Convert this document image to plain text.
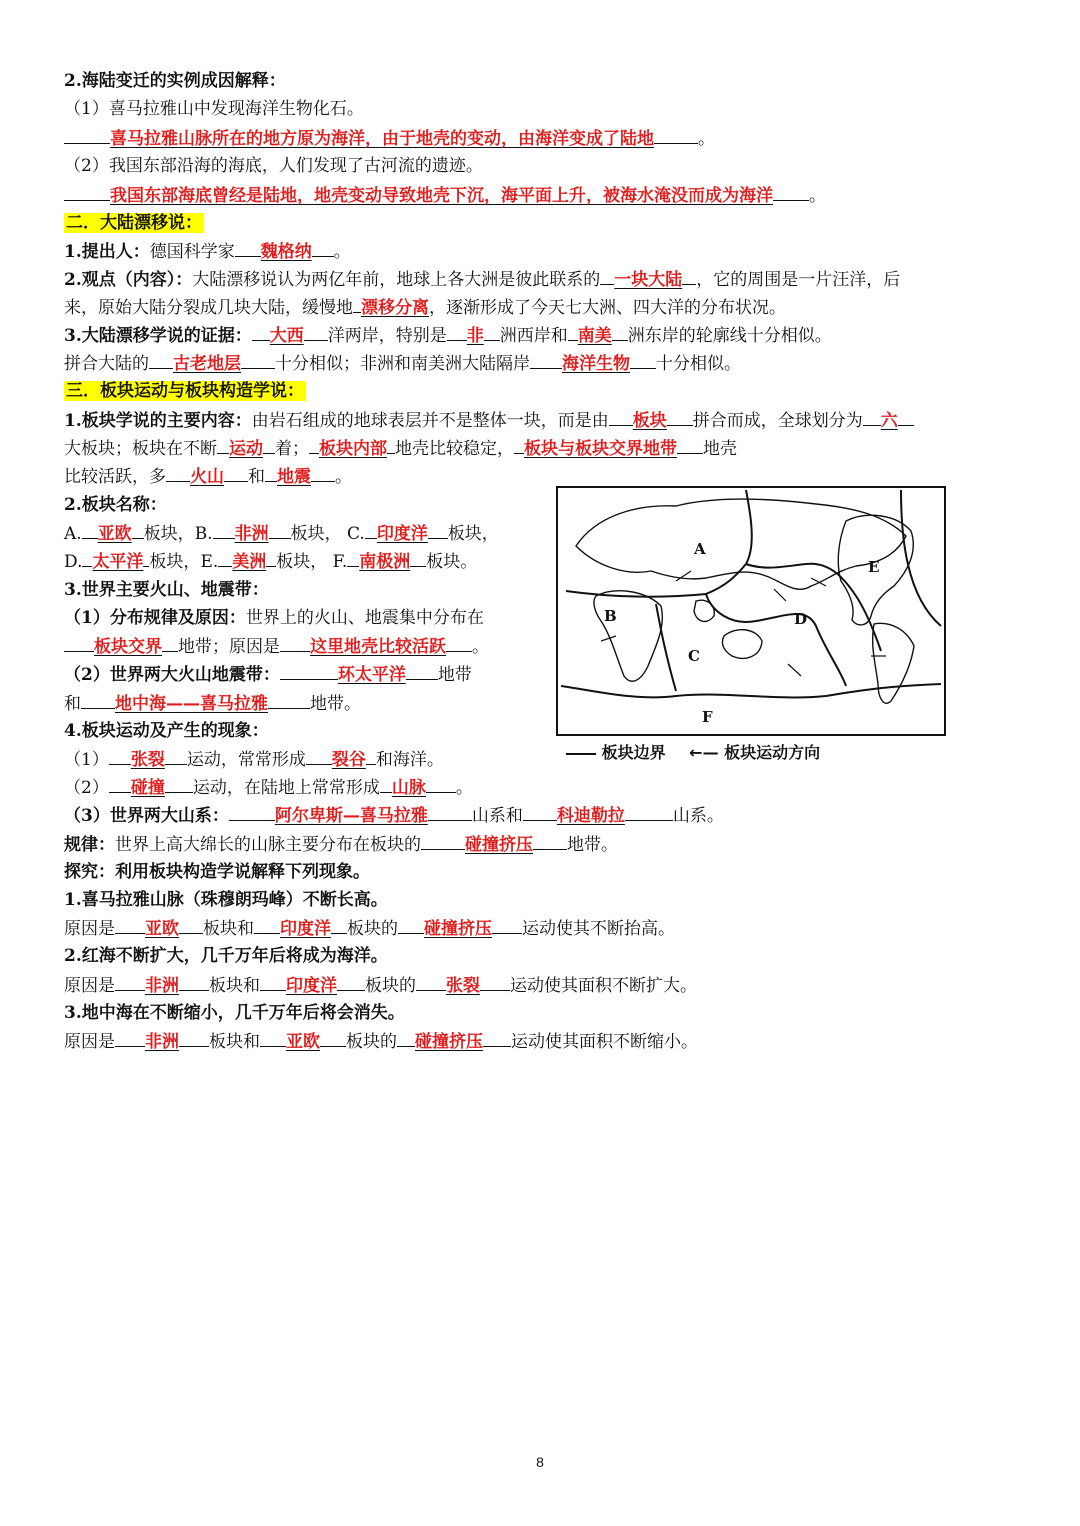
2.海陆变迁的实例成因解释：
（1）喜马拉雅山中发现海洋生物化石。
喜马拉雅山脉所在的地方原为海洋，由于地壳的变动，由海洋变成了陆地	。
（2）我国东部沿海的海底，人们发现了古河流的遗迹。
我国东部海底曾经是陆地，地壳变动导致地壳下沉，海平面上升，被海水淹没而成为海洋 。
二．大陆漂移说：
1.提出人：德国科学家 魏格纳 。
2.观点（内容）：大陆漂移说认为两亿年前，地球上各大洲是彼此联系的 一块大陆 ，它的周围是一片汪洋，后
来，原始大陆分裂成几块大陆，缓慢地 漂移分离，逐渐形成了今天七大洲、四大洋的分布状况。
3.大陆漂移学说的证据： 大西 洋两岸，特别是 非 洲西岸和 南美 洲东岸的轮廓线十分相似。
拼合大陆的 古老地层 十分相似；非洲和南美洲大陆隔岸 海洋生物 十分相似。
三．板块运动与板块构造学说：
1.板块学说的主要内容：由岩石组成的地球表层并不是整体一块，而是由 板块 拼合而成，全球划分为 六
大板块；板块在不断 运动 着； 板块内部 地壳比较稳定， 板块与板块交界地带 地壳
比较活跃，多 火山 和 地震 。
2.板块名称：
A. 亚欧 板块，B. 非洲 板块， C. 印度洋 板块，
D. 太平洋 板块，E. 美洲 板块， F. 南极洲 板块。
3.世界主要火山、地震带：
（1）分布规律及原因：世界上的火山、地震集中分布在
板块交界 地带；原因是 这里地壳比较活跃 。
（2）世界两大火山地震带：	环太平洋 地带
和 地中海——喜马拉雅 地带。
4.板块运动及产生的现象：
（1） 张裂 运动，常常形成 裂谷 和海洋。
（2） 碰撞 运动，在陆地上常常形成 山脉 。
（3）世界两大山系：	阿尔卑斯—喜马拉雅	山系和 科迪勒拉	山系。
规律：世界上高大绵长的山脉主要分布在板块的	碰撞挤压 地带。
探究：利用板块构造学说解释下列现象。
1.喜马拉雅山脉（珠穆朗玛峰）不断长高。
原因是 亚欧 板块和 印度洋 板块的 碰撞挤压 运动使其不断抬高。
2.红海不断扩大，几千万年后将成为海洋。
原因是 非洲 板块和 印度洋 板块的 张裂 运动使其面积不断扩大。
3.地中海在不断缩小，几千万年后将会消失。
原因是 非洲 板块和 亚欧 板块的 碰撞挤压 运动使其面积不断缩小。
A
B
C
D
E
F
板块边界 ←— 板块运动方向
8
